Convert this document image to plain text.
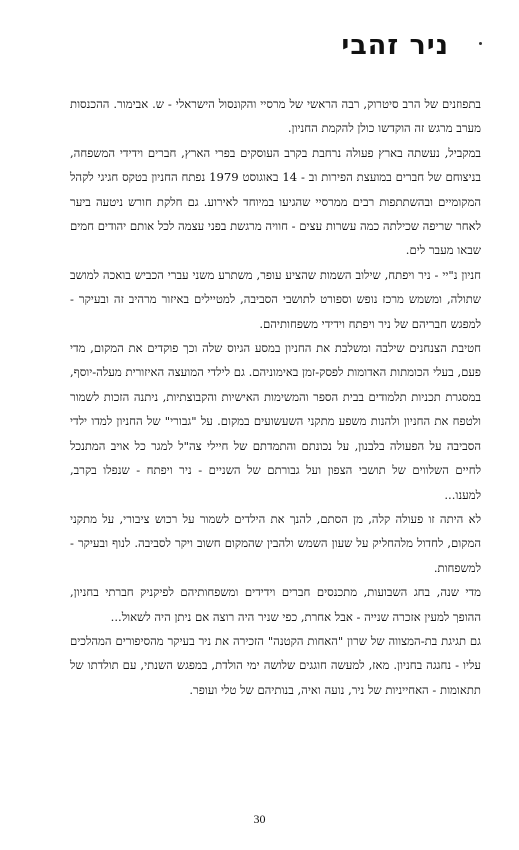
ניר זהבי

בתפוזנים של הרב סיטרוק, רבה הראשי של מרסיי והקונסול הישראלי - ש. אבימור. ההכנסות מערב מרגש זה הוקדשו כולן להקמת החניון.

במקביל, נעשתה בארץ פעולה נרחבת בקרב העוסקים בפרי הארץ, חברים וידידי המשפחה, בניצוחם של חברים במועצת הפירות וב - 14 באוגוסט 1979 נפתח החניון בטקס חגיגי לקהל המקומיים ובהשתתפות רבים ממרסיי שהגיעו במיוחד לאירוע. גם חלקת חורש ניטעה ביער לאחר שריפה שכילתה כמה עשרות עצים - חוויה מרגשת בפני עצמה לכל אותם יהודים חמים שבאו מעבר לים.

חניון נ"יי - ניר ויפתח, שילוב השמות שהציע עופר, משתרע משני עברי הכביש בואכה למושב שתולה, ומשמש מרכז נופש וספורט לתושבי הסביבה, למטיילים באיזור מרהיב זה ובעיקר - למפגש חבריהם של ניר ויפתח וידידי משפחותיהם.

חטיבת הצנחנים שילבה ומשלבת את החניון במסע הגיוס שלה וכך פוקדים את המקום, מדי פעם, בעלי הכומתות האדומות לפסק-זמן באימוניהם. גם לילדי המועצה האיזורית מעלה-יוסף, במסגרת תכניות תלמודים בבית הספר והמשימות האישיות והקבוצתיות, ניתנה הזכות לשמור ולטפח את החניון ולהנות משפע מתקני השעשועים במקום. על "גבורי" של החניון למדו ילדי הסביבה על הפעולה בלבנון, על נכונתם והתמדתם של חיילי צה"ל למגר כל אויב המתנכל לחיים השלווים של תושבי הצפון ועל גבורתם של השניים - ניר ויפתח - שנפלו בקרב, למענו...

לא היתה זו פעולה קלה, מן הסתם, להנך את הילדים לשמור על רכוש ציבורי, על מתקני המקום, לחדול מלהחליק על שעון השמש ולהבין שהמקום חשוב ויקר לסביבה. לנוף ובעיקר - למשפחות.

מדי שנה, בחג השבועות, מתכנסים חברים וידידים ומשפחותיהם לפיקניק חברתי בחניון, ההופך למעין אזכרה שנייה - אבל אחרת, כפי שניר היה רוצה אם ניתן היה לשאול...

גם תגיגת בת-המצווה של שרון "האחות הקטנה" הזכירה את ניר בעיקר מהסיפורים המהלכים עליו - נחגגה בחניון. מאז, למעשה חוגגים שלושה ימי הולדת, במפגש השנתי, עם תולדתו של תתאומות - האחייניות של ניר, נועה ואיה, בנותיהם של טלי ועופר.

30
